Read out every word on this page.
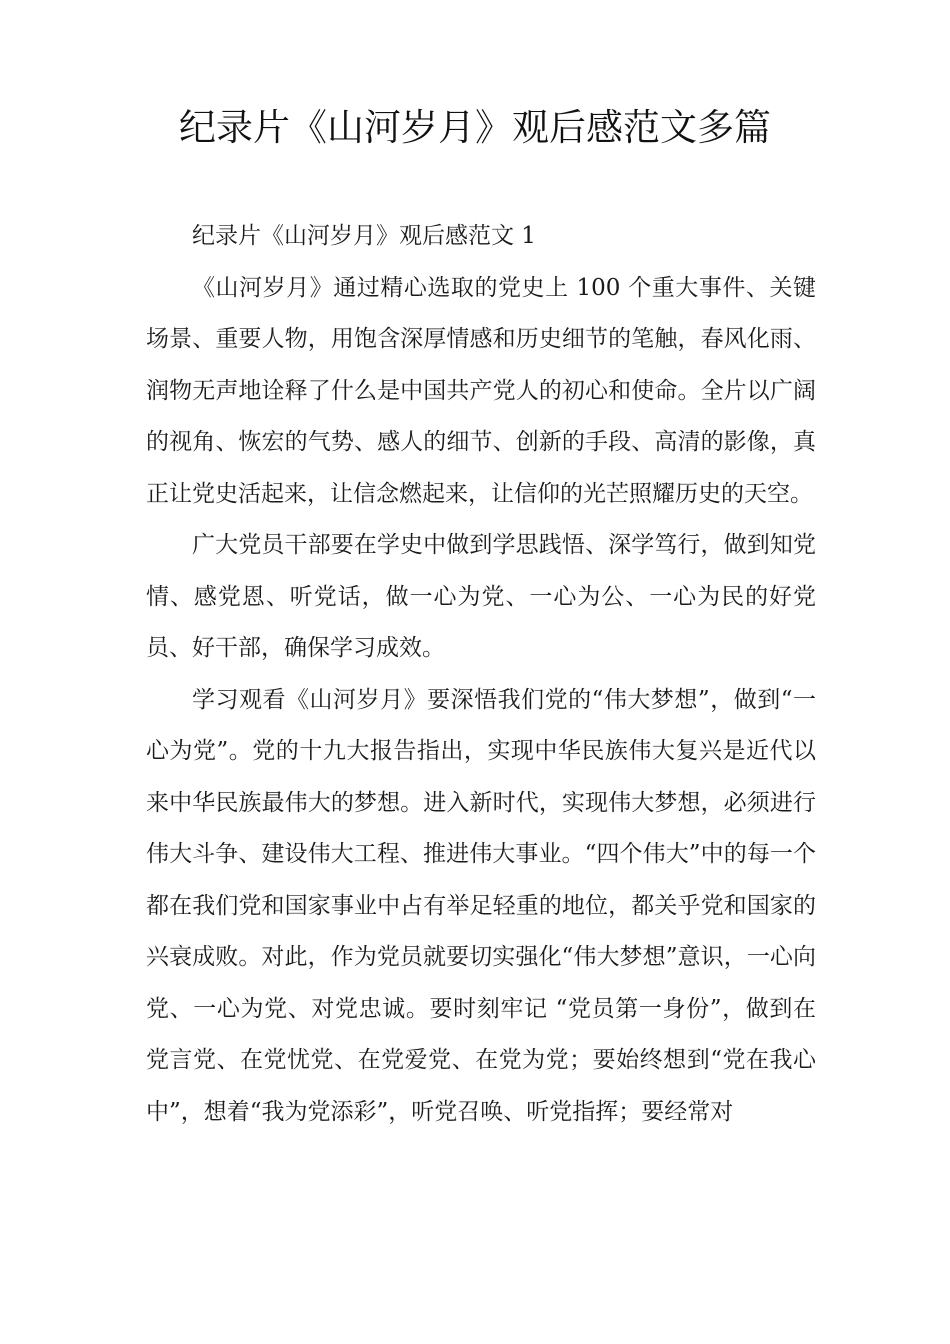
纪录片《山河岁月》观后感范文多篇

纪录片《山河岁月》观后感范文 1

《山河岁月》通过精心选取的党史上 100 个重大事件、关键场景、重要人物，用饱含深厚情感和历史细节的笔触，春风化雨、润物无声地诠释了什么是中国共产党人的初心和使命。全片以广阔的视角、恢宏的气势、感人的细节、创新的手段、高清的影像，真正让党史活起来，让信念燃起来，让信仰的光芒照耀历史的天空。

广大党员干部要在学史中做到学思践悟、深学笃行，做到知党情、感党恩、听党话，做一心为党、一心为公、一心为民的好党员、好干部，确保学习成效。

学习观看《山河岁月》要深悟我们党的“伟大梦想”，做到“一心为党”。党的十九大报告指出，实现中华民族伟大复兴是近代以来中华民族最伟大的梦想。进入新时代，实现伟大梦想，必须进行伟大斗争、建设伟大工程、推进伟大事业。“四个伟大”中的每一个都在我们党和国家事业中占有举足轻重的地位，都关乎党和国家的兴衰成败。对此，作为党员就要切实强化“伟大梦想”意识，一心向党、一心为党、对党忠诚。要时刻牢记 “党员第一身份”，做到在党言党、在党忧党、在党爱党、在党为党；要始终想到“党在我心中”，想着“我为党添彩”，听党召唤、听党指挥；要经常对
